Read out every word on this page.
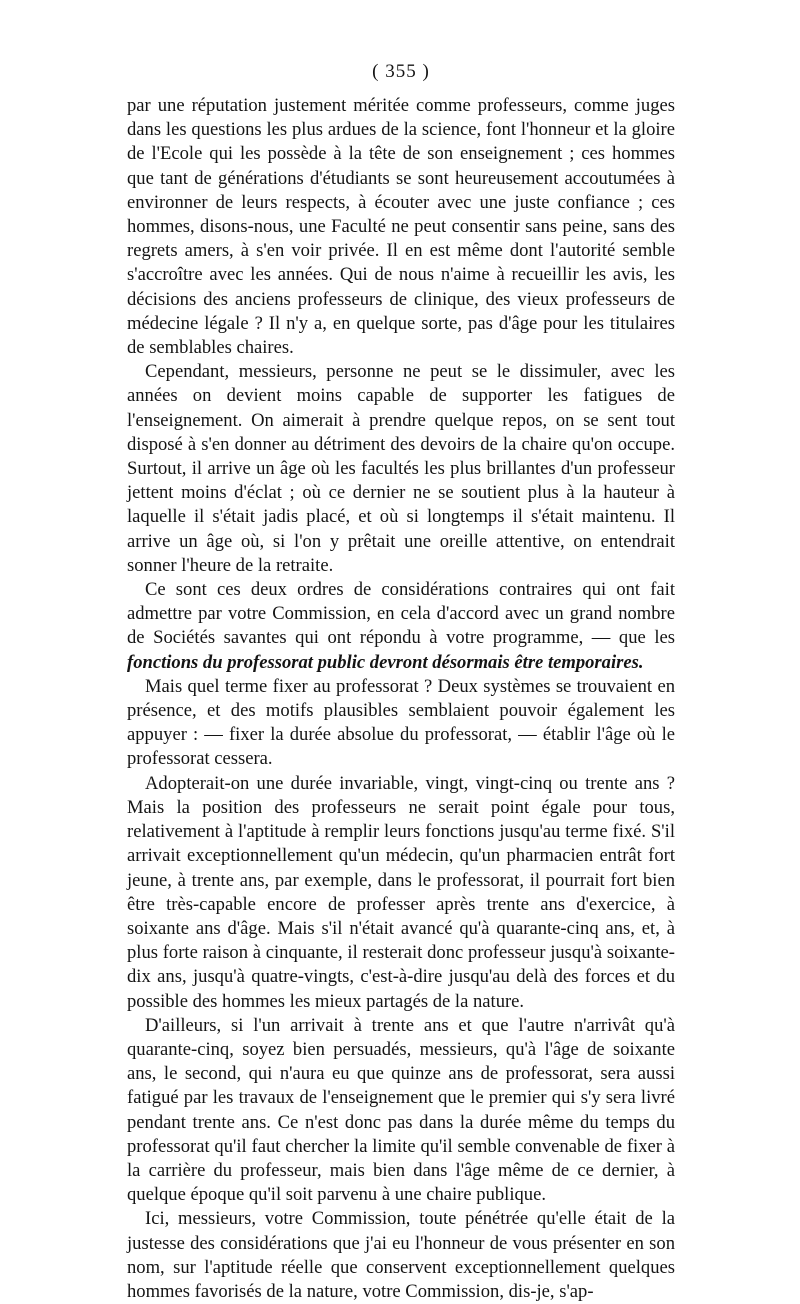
( 355 )

par une réputation justement méritée comme professeurs, comme juges dans les questions les plus ardues de la science, font l'honneur et la gloire de l'Ecole qui les possède à la tête de son enseignement ; ces hommes que tant de générations d'étudiants se sont heureusement accoutumées à environner de leurs respects, à écouter avec une juste confiance ; ces hommes, disons-nous, une Faculté ne peut consentir sans peine, sans des regrets amers, à s'en voir privée. Il en est même dont l'autorité semble s'accroître avec les années. Qui de nous n'aime à recueillir les avis, les décisions des anciens professeurs de clinique, des vieux professeurs de médecine légale ? Il n'y a, en quelque sorte, pas d'âge pour les titulaires de semblables chaires.

Cependant, messieurs, personne ne peut se le dissimuler, avec les années on devient moins capable de supporter les fatigues de l'enseignement. On aimerait à prendre quelque repos, on se sent tout disposé à s'en donner au détriment des devoirs de la chaire qu'on occupe. Surtout, il arrive un âge où les facultés les plus brillantes d'un professeur jettent moins d'éclat ; où ce dernier ne se soutient plus à la hauteur à laquelle il s'était jadis placé, et où si longtemps il s'était maintenu. Il arrive un âge où, si l'on y prêtait une oreille attentive, on entendrait sonner l'heure de la retraite.

Ce sont ces deux ordres de considérations contraires qui ont fait admettre par votre Commission, en cela d'accord avec un grand nombre de Sociétés savantes qui ont répondu à votre programme, — que les fonctions du professorat public devront désormais être temporaires.

Mais quel terme fixer au professorat ? Deux systèmes se trouvaient en présence, et des motifs plausibles semblaient pouvoir également les appuyer : — fixer la durée absolue du professorat, — établir l'âge où le professorat cessera.

Adopterait-on une durée invariable, vingt, vingt-cinq ou trente ans ? Mais la position des professeurs ne serait point égale pour tous, relativement à l'aptitude à remplir leurs fonctions jusqu'au terme fixé. S'il arrivait exceptionnellement qu'un médecin, qu'un pharmacien entrât fort jeune, à trente ans, par exemple, dans le professorat, il pourrait fort bien être très-capable encore de professer après trente ans d'exercice, à soixante ans d'âge. Mais s'il n'était avancé qu'à quarante-cinq ans, et, à plus forte raison à cinquante, il resterait donc professeur jusqu'à soixante-dix ans, jusqu'à quatre-vingts, c'est-à-dire jusqu'au delà des forces et du possible des hommes les mieux partagés de la nature.

D'ailleurs, si l'un arrivait à trente ans et que l'autre n'arrivât qu'à quarante-cinq, soyez bien persuadés, messieurs, qu'à l'âge de soixante ans, le second, qui n'aura eu que quinze ans de professorat, sera aussi fatigué par les travaux de l'enseignement que le premier qui s'y sera livré pendant trente ans. Ce n'est donc pas dans la durée même du temps du professorat qu'il faut chercher la limite qu'il semble convenable de fixer à la carrière du professeur, mais bien dans l'âge même de ce dernier, à quelque époque qu'il soit parvenu à une chaire publique.

Ici, messieurs, votre Commission, toute pénétrée qu'elle était de la justesse des considérations que j'ai eu l'honneur de vous présenter en son nom, sur l'aptitude réelle que conservent exceptionnellement quelques hommes favorisés de la nature, votre Commission, dis-je, s'ap-
